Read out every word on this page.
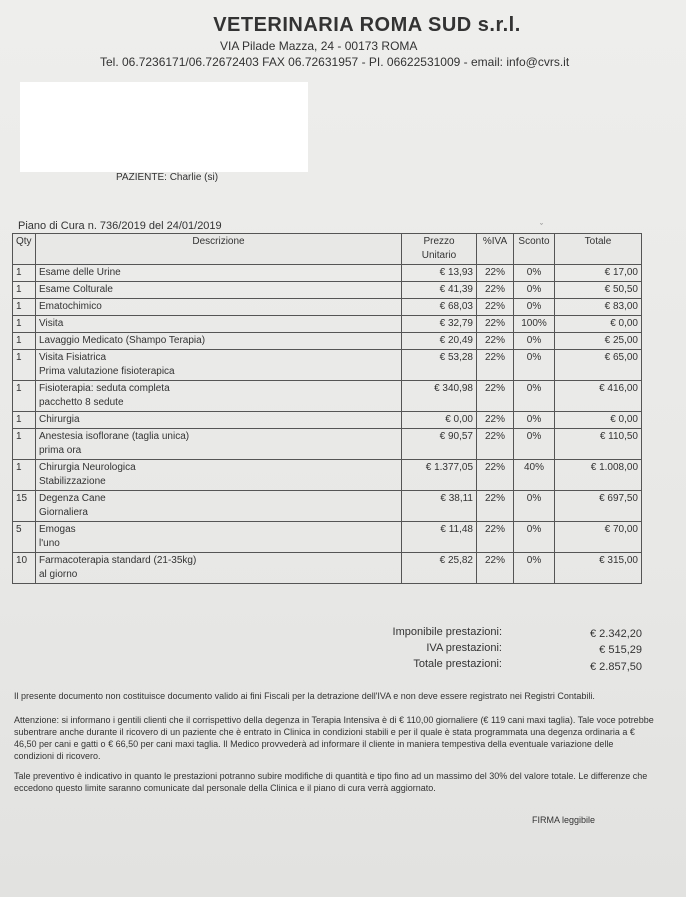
VETERINARIA ROMA SUD s.r.l.
VIA Pilade Mazza, 24 - 00173 ROMA
Tel. 06.7236171/06.72672403 FAX 06.72631957 - PI. 06622531009 - email: info@cvrs.it
PAZIENTE: Charlie (si)
Piano di Cura n. 736/2019 del 24/01/2019	ˇ
Qty	Descrizione	Prezzo Unitario	%IVA	Sconto	Totale
1	Esame delle Urine	€ 13,93	22%	0%	€ 17,00
1	Esame Colturale	€ 41,39	22%	0%	€ 50,50
1	Ematochimico	€ 68,03	22%	0%	€ 83,00
1	Visita	€ 32,79	22%	100%	€ 0,00
1	Lavaggio Medicato (Shampo Terapia)	€ 20,49	22%	0%	€ 25,00
1	Visita Fisiatrica
Prima valutazione fisioterapica	€ 53,28	22%	0%	€ 65,00
1	Fisioterapia: seduta completa
pacchetto 8 sedute	€ 340,98	22%	0%	€ 416,00
1	Chirurgia	€ 0,00	22%	0%	€ 0,00
1	Anestesia isoflorane (taglia unica)
prima ora	€ 90,57	22%	0%	€ 110,50
1	Chirurgia Neurologica
Stabilizzazione	€ 1.377,05	22%	40%	€ 1.008,00
15	Degenza Cane
Giornaliera	€ 38,11	22%	0%	€ 697,50
5	Emogas
l'uno	€ 11,48	22%	0%	€ 70,00
10	Farmacoterapia standard (21-35kg)
al giorno	€ 25,82	22%	0%	€ 315,00
Imponibile prestazioni:	€ 2.342,20
IVA prestazioni:	€ 515,29
Totale prestazioni:	€ 2.857,50
Il presente documento non costituisce documento valido ai fini Fiscali per la detrazione dell'IVA e non deve essere registrato nei Registri Contabili.
Attenzione: si informano i gentili clienti che il corrispettivo della degenza in Terapia Intensiva è di € 110,00 giornaliere (€ 119 cani maxi taglia). Tale voce potrebbe subentrare anche durante il ricovero di un paziente che è entrato in Clinica in condizioni stabili e per il quale è stata programmata una degenza ordinaria a € 46,50 per cani e gatti o € 66,50 per cani maxi taglia. Il Medico provvederà ad informare il cliente in maniera tempestiva della eventuale variazione delle condizioni di ricovero.
Tale preventivo è indicativo in quanto le prestazioni potranno subire modifiche di quantità e tipo fino ad un massimo del 30% del valore totale. Le differenze che eccedono questo limite saranno comunicate dal personale della Clinica e il piano di cura verrà aggiornato.
FIRMA leggibile
